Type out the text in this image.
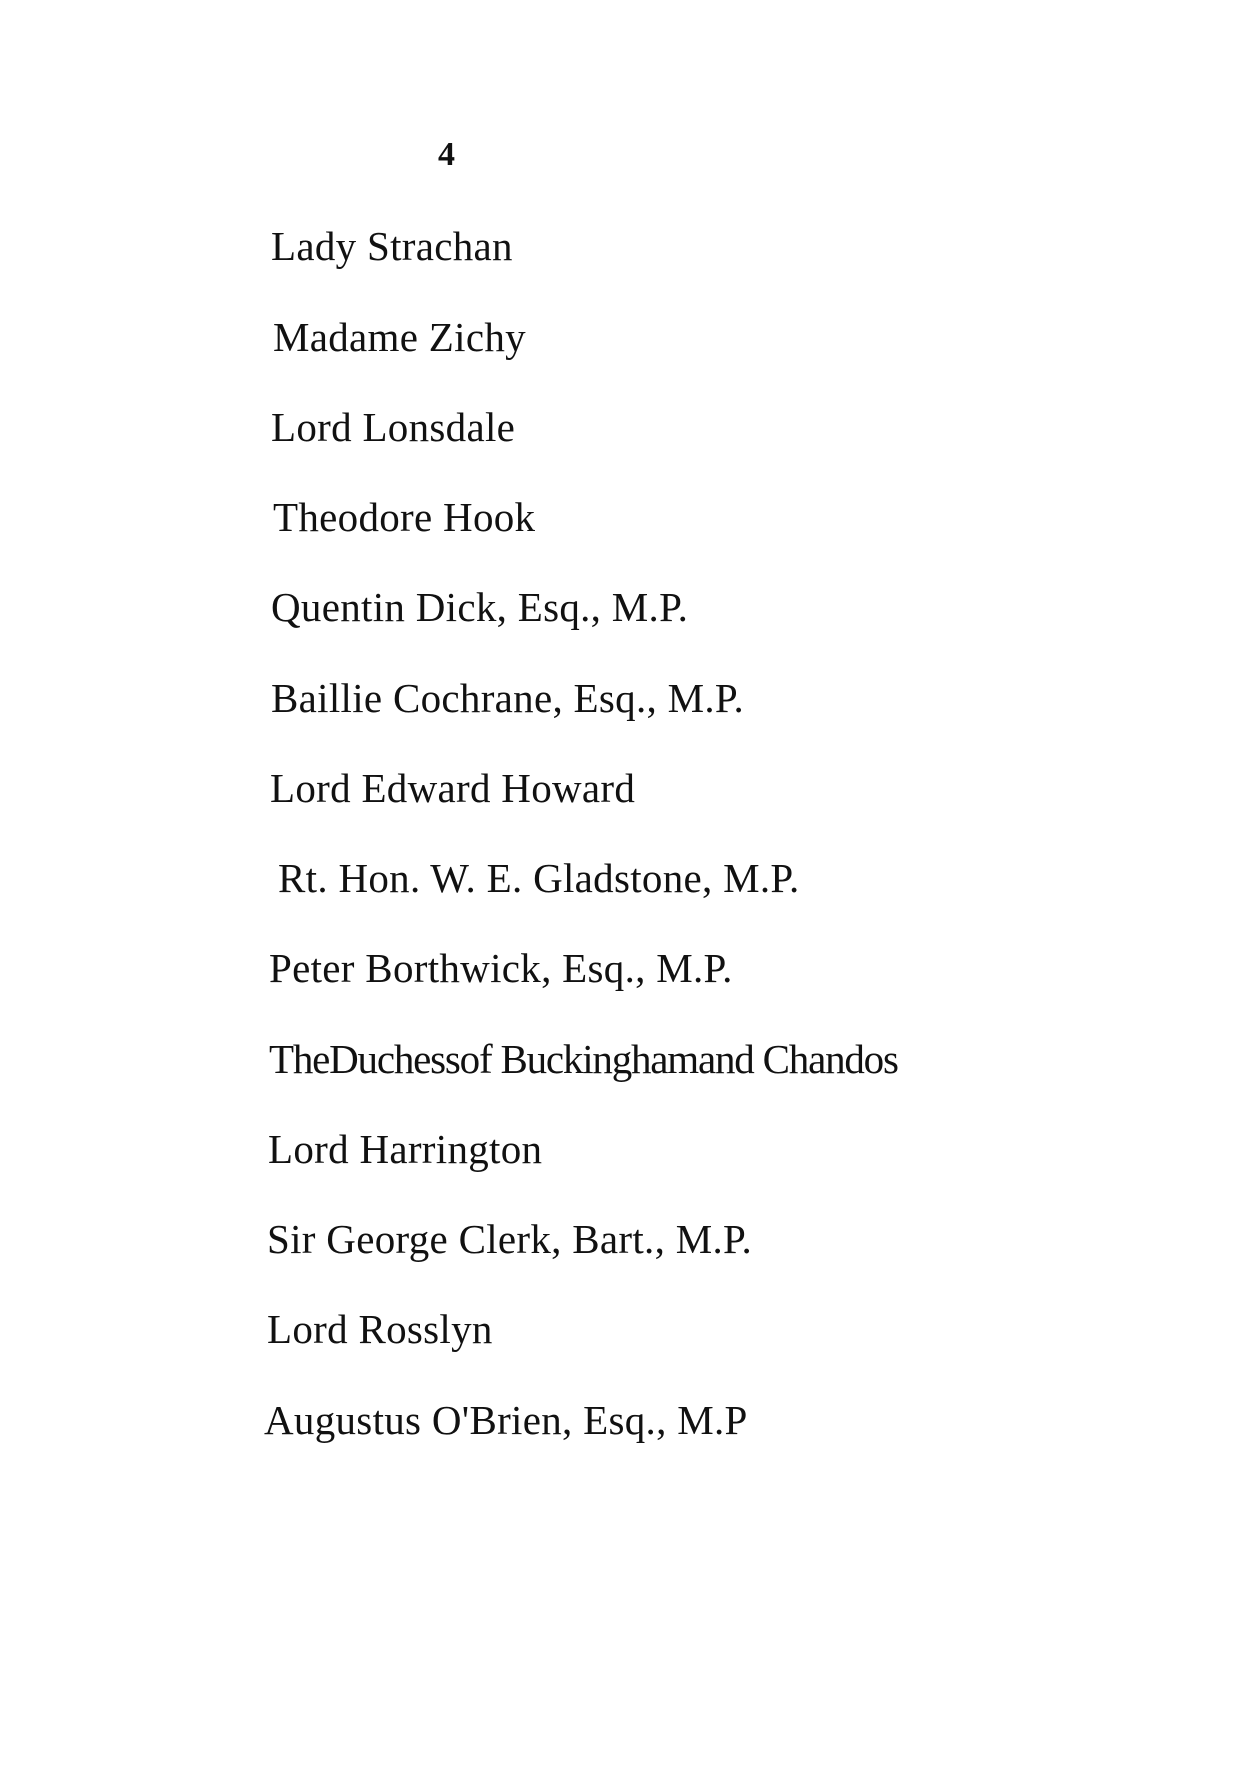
4
Lady Strachan
Madame Zichy
Lord Lonsdale
Theodore Hook
Quentin Dick, Esq., M.P.
Baillie Cochrane, Esq., M.P.
Lord Edward Howard
Rt. Hon. W. E. Gladstone, M.P.
Peter Borthwick, Esq., M.P.
TheDuchessof Buckinghamand Chandos
Lord Harrington
Sir George Clerk, Bart., M.P.
Lord Rosslyn
Augustus O'Brien, Esq., M.P
